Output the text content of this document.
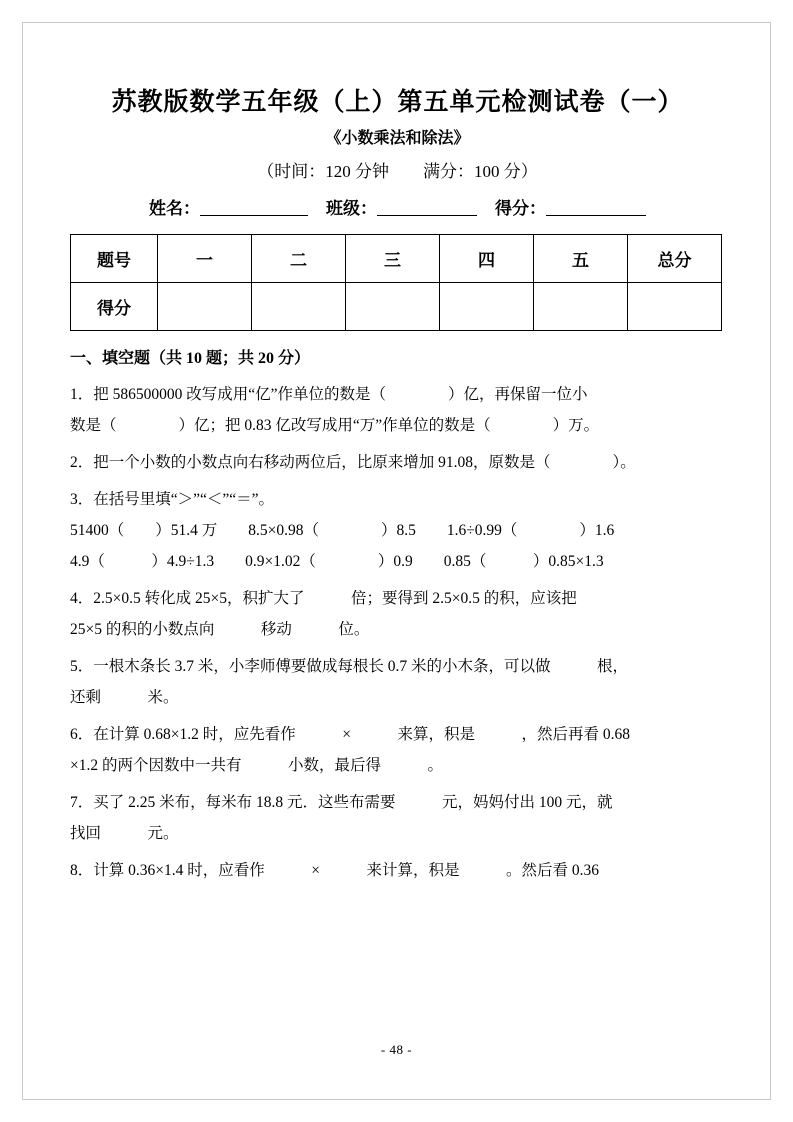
苏教版数学五年级（上）第五单元检测试卷（一）
《小数乘法和除法》
（时间：120 分钟　　满分：100 分）
姓名：	班级：	得分：
题号	一	二	三	四	五	总分
得分						
一、填空题（共 10 题；共 20 分）
1．把 586500000 改写成用“亿”作单位的数是（　　　　）亿，再保留一位小
数是（　　　　）亿；把 0.83 亿改写成用“万”作单位的数是（　　　　）万。
2．把一个小数的小数点向右移动两位后，比原来增加 91.08，原数是（　　　　）。
3．在括号里填“＞”“＜”“＝”。
51400（　　）51.4 万　　8.5×0.98（　　　　）8.5　　1.6÷0.99（　　　　）1.6
4.9（　　　）4.9÷1.3　　0.9×1.02（　　　　）0.9　　0.85（　　　）0.85×1.3
4．2.5×0.5 转化成 25×5，积扩大了　　　倍；要得到 2.5×0.5 的积，应该把
25×5 的积的小数点向　　　移动　　　位。
5．一根木条长 3.7 米，小李师傅要做成每根长 0.7 米的小木条，可以做　　　根，
还剩　　　米。
6．在计算 0.68×1.2 时，应先看作　　　×　　　来算，积是　　　，然后再看 0.68
×1.2 的两个因数中一共有　　　小数，最后得　　　。
7．买了 2.25 米布，每米布 18.8 元．这些布需要　　　元，妈妈付出 100 元，就
找回　　　元。
8．计算 0.36×1.4 时，应看作　　　×　　　来计算，积是　　　。然后看 0.36
- 48 -
